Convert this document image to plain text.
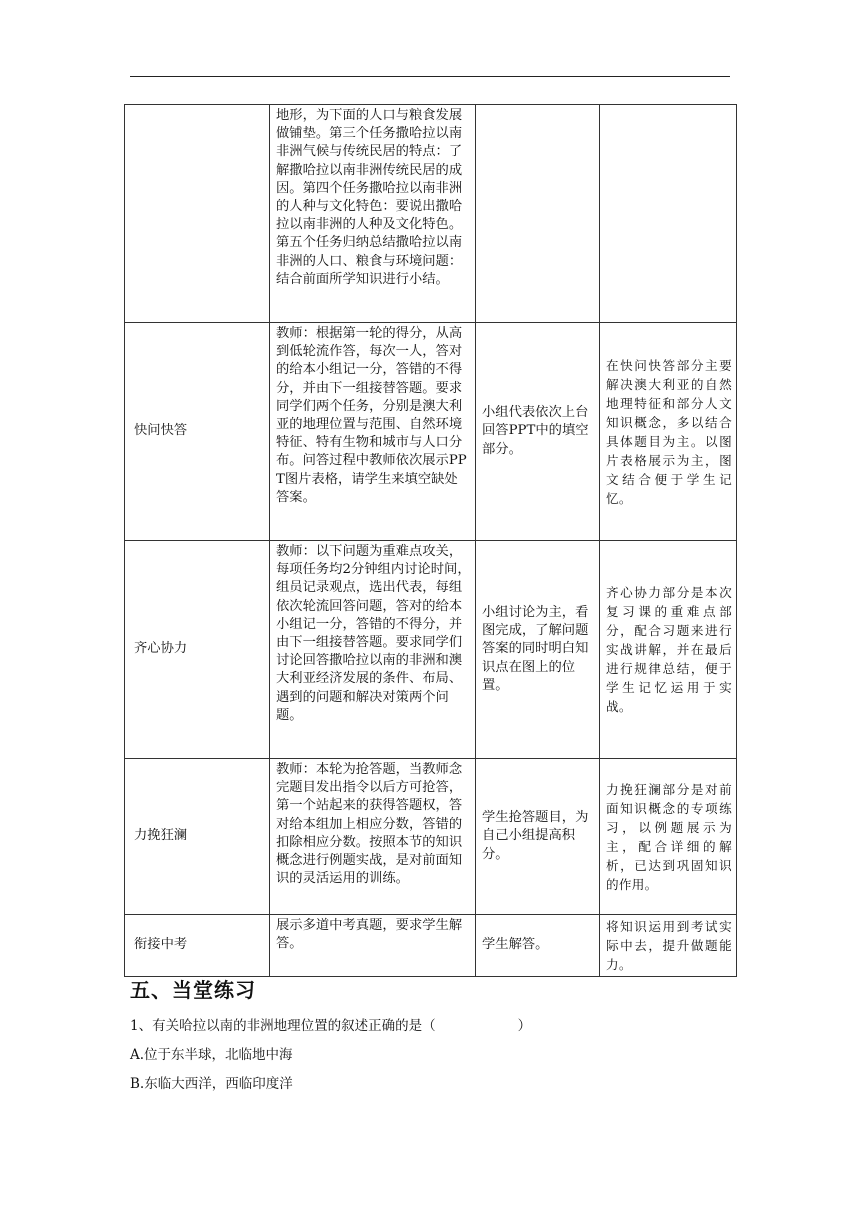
	地形，为下面的人口与粮食发展做铺垫。第三个任务撒哈拉以南非洲气候与传统民居的特点：了解撒哈拉以南非洲传统民居的成因。第四个任务撒哈拉以南非洲的人种与文化特色：要说出撒哈拉以南非洲的人种及文化特色。第五个任务归纳总结撒哈拉以南非洲的人口、粮食与环境问题：结合前面所学知识进行小结。		
快问快答	教师：根据第一轮的得分，从高到低轮流作答，每次一人，答对的给本小组记一分，答错的不得分，并由下一组接替答题。要求同学们两个任务，分别是澳大利亚的地理位置与范围、自然环境特征、特有生物和城市与人口分布。问答过程中教师依次展示PPT图片表格，请学生来填空缺处答案。	小组代表依次上台回答PPT中的填空部分。	在快问快答部分主要解决澳大利亚的自然地理特征和部分人文知识概念，多以结合具体题目为主。以图片表格展示为主，图文结合便于学生记忆。
齐心协力	教师：以下问题为重难点攻关，每项任务均2分钟组内讨论时间，组员记录观点，选出代表，每组依次轮流回答问题，答对的给本小组记一分，答错的不得分，并由下一组接替答题。要求同学们讨论回答撒哈拉以南的非洲和澳大利亚经济发展的条件、布局、遇到的问题和解决对策两个问题。	小组讨论为主，看图完成，了解问题答案的同时明白知识点在图上的位置。	齐心协力部分是本次复习课的重难点部分，配合习题来进行实战讲解，并在最后进行规律总结，便于学生记忆运用于实战。
力挽狂澜	教师：本轮为抢答题，当教师念完题目发出指令以后方可抢答，第一个站起来的获得答题权，答对给本组加上相应分数，答错的扣除相应分数。按照本节的知识概念进行例题实战，是对前面知识的灵活运用的训练。	学生抢答题目，为自己小组提高积分。	力挽狂澜部分是对前面知识概念的专项练习，以例题展示为主，配合详细的解析，已达到巩固知识的作用。
衔接中考	展示多道中考真题，要求学生解答。	学生解答。	将知识运用到考试实际中去，提升做题能力。
五、当堂练习
1、有关哈拉以南的非洲地理位置的叙述正确的是（	）
A.位于东半球，北临地中海
B.东临大西洋，西临印度洋
